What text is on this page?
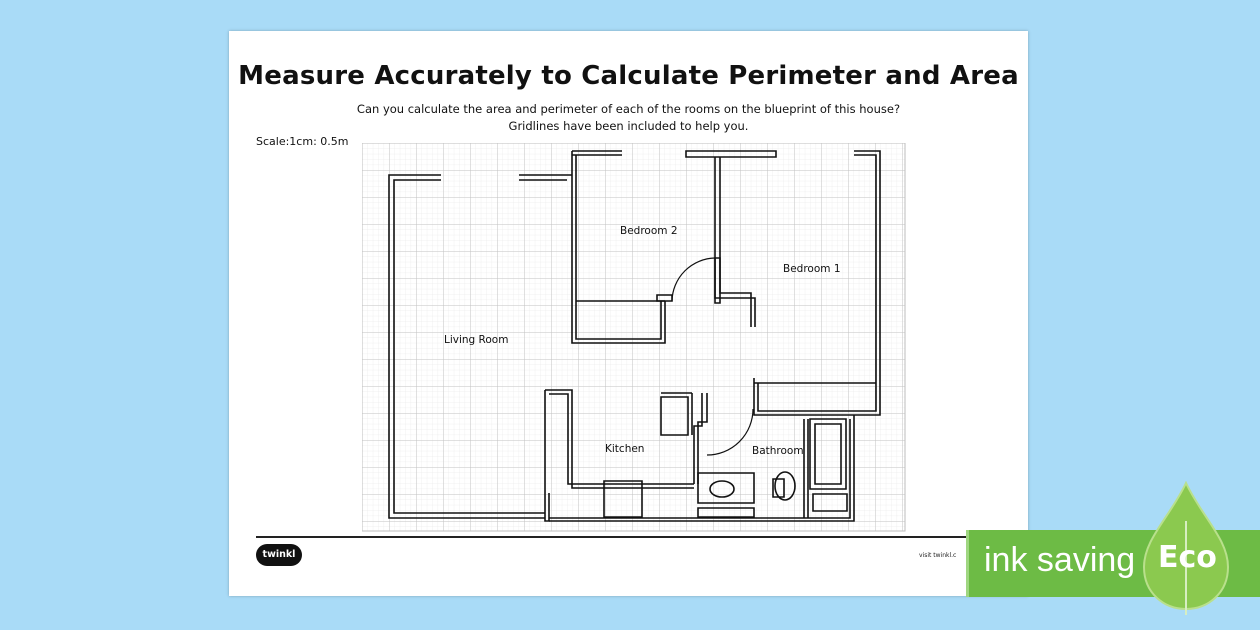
Measure Accurately to Calculate Perimeter and Area
Can you calculate the area and perimeter of each of the rooms on the blueprint of this house?
Gridlines have been included to help you.
Scale:1cm: 0.5m
Bedroom 2
Bedroom 1
Living Room
Kitchen	Bathroom
twinkl	visit twinkl.c ink saving Eco
